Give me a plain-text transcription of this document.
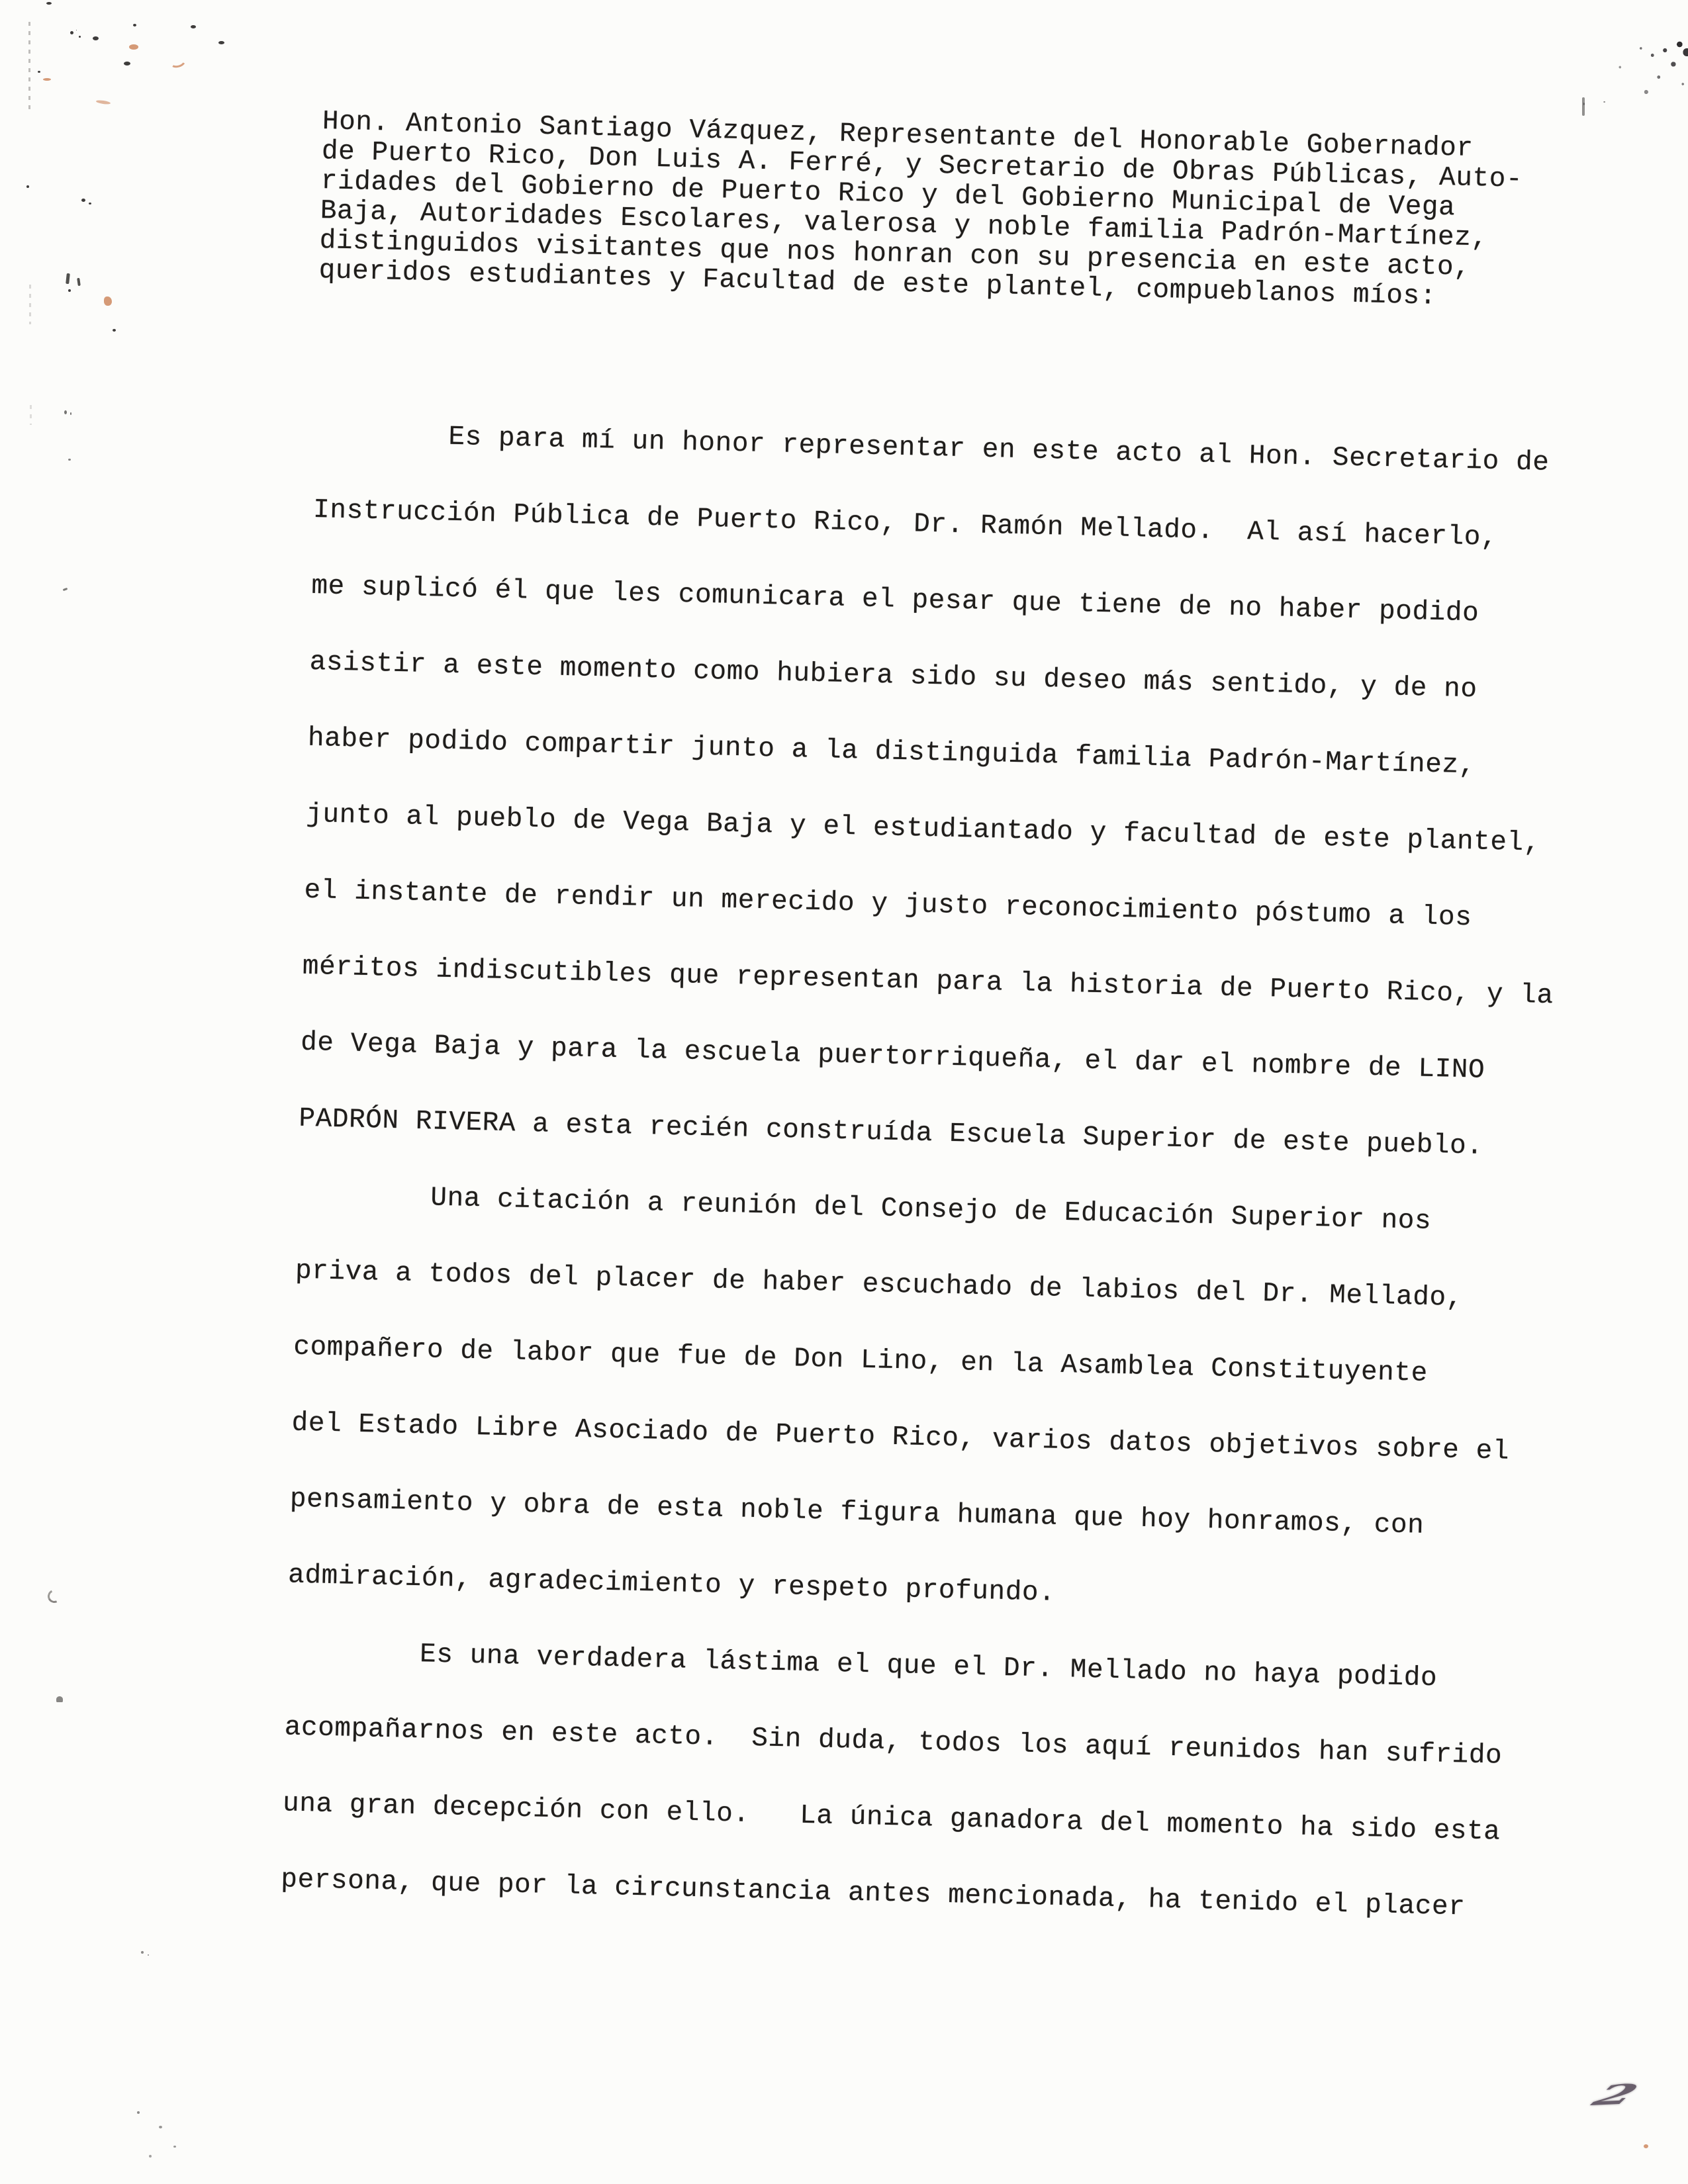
Hon. Antonio Santiago Vázquez, Representante del Honorable Gobernador
de Puerto Rico, Don Luis A. Ferré, y Secretario de Obras Públicas, Auto-
ridades del Gobierno de Puerto Rico y del Gobierno Municipal de Vega
Baja, Autoridades Escolares, valerosa y noble familia Padrón-Martínez,
distinguidos visitantes que nos honran con su presencia en este acto,
queridos estudiantes y Facultad de este plantel, compueblanos míos:

Es para mí un honor representar en este acto al Hon. Secretario de
Instrucción Pública de Puerto Rico, Dr. Ramón Mellado.  Al así hacerlo,
me suplicó él que les comunicara el pesar que tiene de no haber podido
asistir a este momento como hubiera sido su deseo más sentido, y de no
haber podido compartir junto a la distinguida familia Padrón-Martínez,
junto al pueblo de Vega Baja y el estudiantado y facultad de este plantel,
el instante de rendir un merecido y justo reconocimiento póstumo a los
méritos indiscutibles que representan para la historia de Puerto Rico, y la
de Vega Baja y para la escuela puertorriqueña, el dar el nombre de LINO
PADRÓN RIVERA a esta recién construída Escuela Superior de este pueblo.

Una citación a reunión del Consejo de Educación Superior nos
priva a todos del placer de haber escuchado de labios del Dr. Mellado,
compañero de labor que fue de Don Lino, en la Asamblea Constituyente
del Estado Libre Asociado de Puerto Rico, varios datos objetivos sobre el
pensamiento y obra de esta noble figura humana que hoy honramos, con
admiración, agradecimiento y respeto profundo.

Es una verdadera lástima el que el Dr. Mellado no haya podido
acompañarnos en este acto.  Sin duda, todos los aquí reunidos han sufrido
una gran decepción con ello.   La única ganadora del momento ha sido esta
persona, que por la circunstancia antes mencionada, ha tenido el placer

2
